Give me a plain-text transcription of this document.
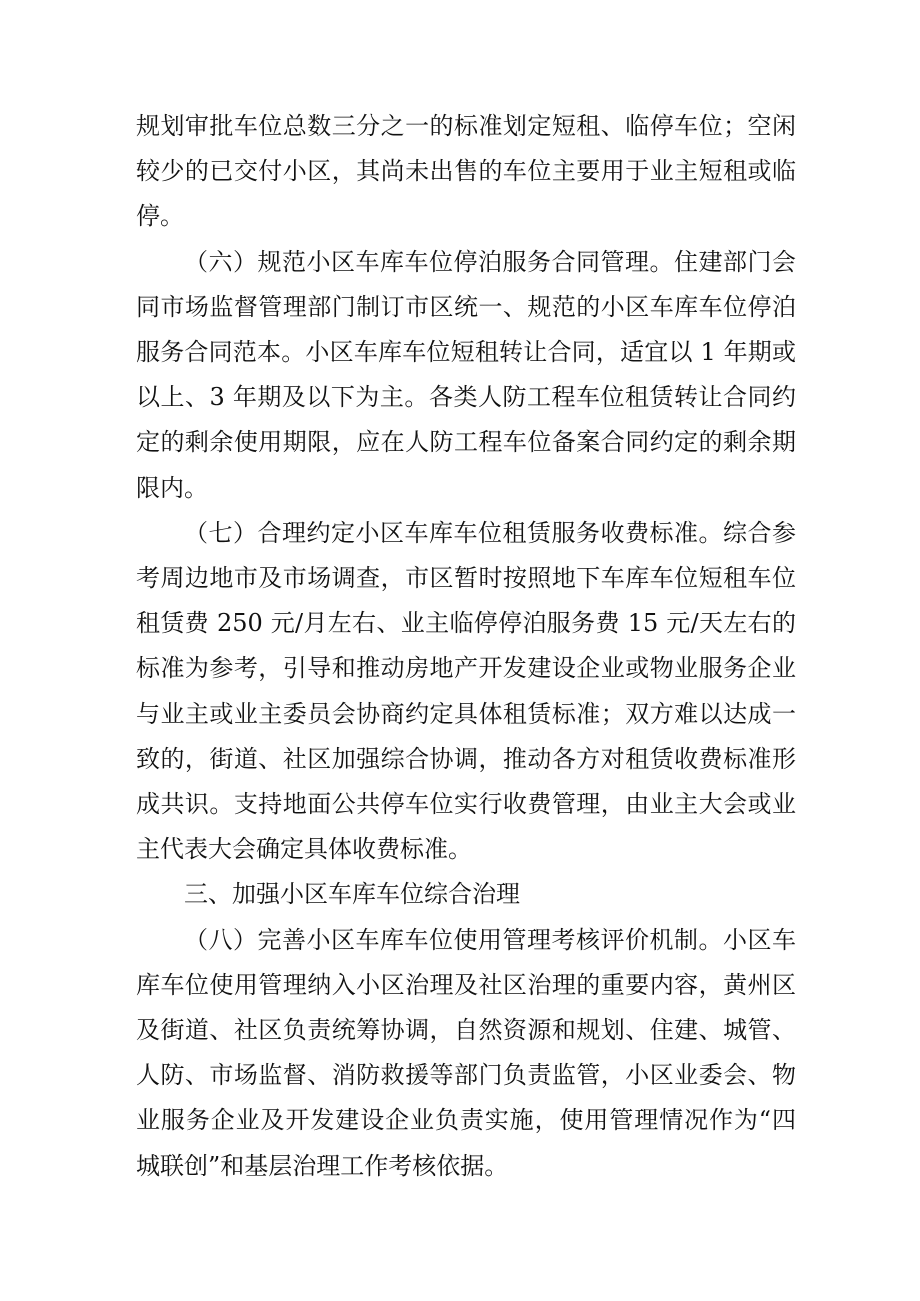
规划审批车位总数三分之一的标准划定短租、临停车位；空闲较少的已交付小区，其尚未出售的车位主要用于业主短租或临停。

（六）规范小区车库车位停泊服务合同管理。住建部门会同市场监督管理部门制订市区统一、规范的小区车库车位停泊服务合同范本。小区车库车位短租转让合同，适宜以 1 年期或以上、3 年期及以下为主。各类人防工程车位租赁转让合同约定的剩余使用期限，应在人防工程车位备案合同约定的剩余期限内。

（七）合理约定小区车库车位租赁服务收费标准。综合参考周边地市及市场调查，市区暂时按照地下车库车位短租车位租赁费 250 元/月左右、业主临停停泊服务费 15 元/天左右的标准为参考，引导和推动房地产开发建设企业或物业服务企业与业主或业主委员会协商约定具体租赁标准；双方难以达成一致的，街道、社区加强综合协调，推动各方对租赁收费标准形成共识。支持地面公共停车位实行收费管理，由业主大会或业主代表大会确定具体收费标准。

三、加强小区车库车位综合治理

（八）完善小区车库车位使用管理考核评价机制。小区车库车位使用管理纳入小区治理及社区治理的重要内容，黄州区及街道、社区负责统筹协调，自然资源和规划、住建、城管、人防、市场监督、消防救援等部门负责监管，小区业委会、物业服务企业及开发建设企业负责实施，使用管理情况作为“四城联创”和基层治理工作考核依据。
